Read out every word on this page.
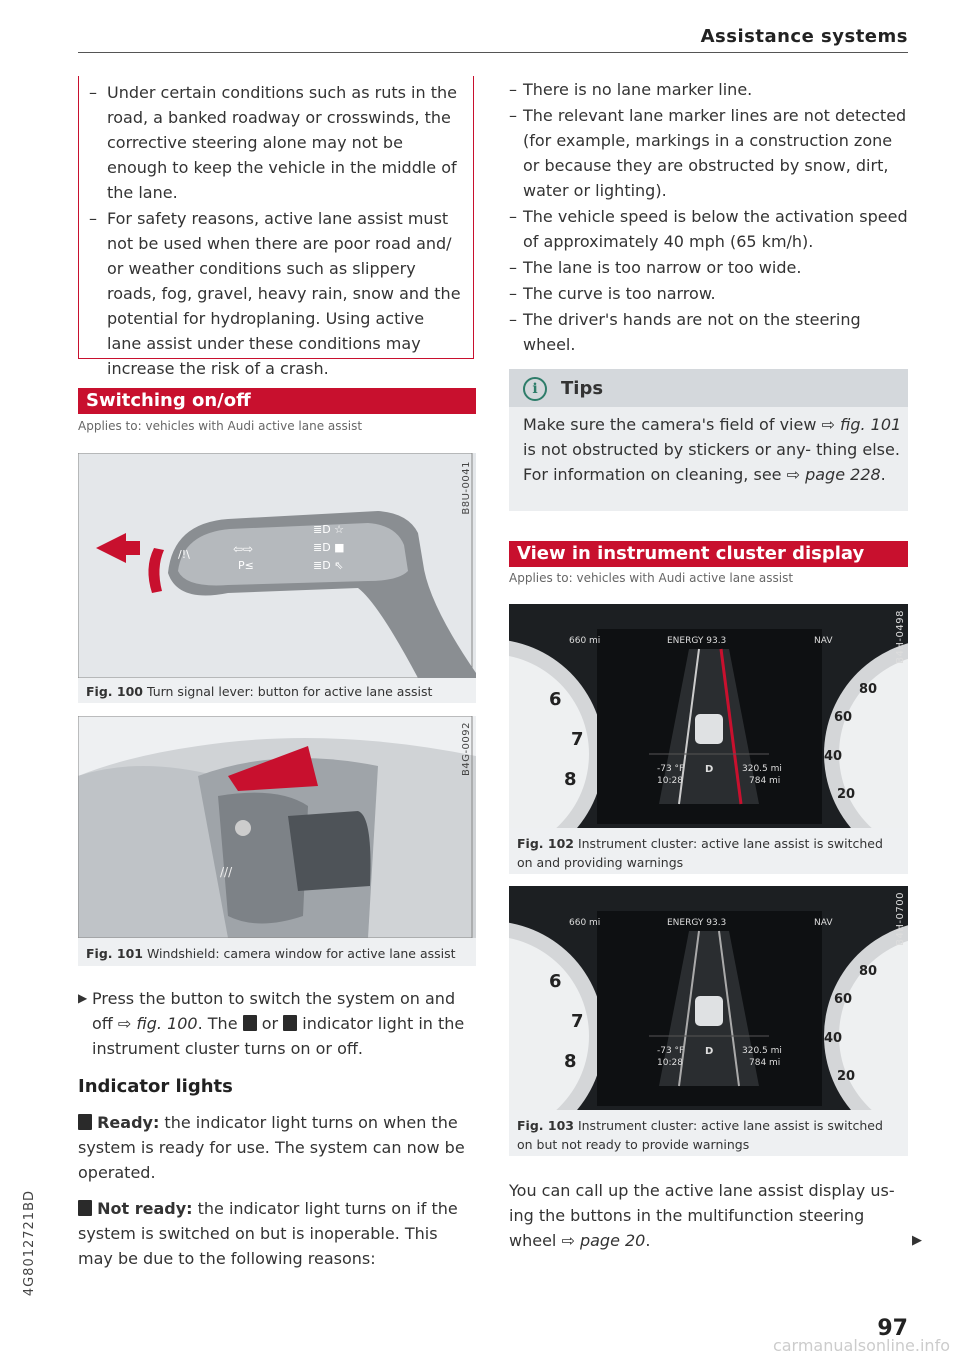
Assistance systems
– Under certain conditions such as ruts in the road, a banked roadway or crosswinds, the corrective steering alone may not be enough to keep the vehicle in the middle of the lane.
– For safety reasons, active lane assist must not be used when there are poor road and/ or weather conditions such as slippery roads, fog, gravel, heavy rain, snow and the potential for hydroplaning. Using active lane assist under these conditions may increase the risk of a crash.
Switching on/off
Applies to: vehicles with Audi active lane assist
/!\	⇦⇨
P≤
≣D ☆
≣D ■
≣D ⇖
B8U-0041
Fig. 100 Turn signal lever: button for active lane assist
///
B4G-0092
Fig. 101 Windshield: camera window for active lane assist
▶ Press the button to switch the system on and off ⇨ fig. 100. The  or  indicator light in the instrument cluster turns on or off.
Indicator lights
Ready: the indicator light turns on when the system is ready for use. The system can now be operated.
Not ready: the indicator light turns on if the system is switched on but is inoperable. This may be due to the following reasons:
– There is no lane marker line.
– The relevant lane marker lines are not detected (for example, markings in a construction zone or because they are obstructed by snow, dirt, water or lighting).
– The vehicle speed is below the activation speed of approximately 40 mph (65 km/h).
– The lane is too narrow or too wide.
– The curve is too narrow.
– The driver's hands are not on the steering wheel.
i	Tips
Make sure the camera's field of view ⇨ fig. 101 is not obstructed by stickers or any- thing else. For information on cleaning, see ⇨ page 228.
View in instrument cluster display
Applies to: vehicles with Audi active lane assist
660 mi	ENERGY 93.3	NAV
-73 °F
10:28
D	320.5 mi
784 mi
6
7
8
80
60
40
20
B4H-0498
Fig. 102 Instrument cluster: active lane assist is switched on and providing warnings
660 mi	ENERGY 93.3	NAV
-73 °F
10:28
D	320.5 mi
784 mi
6
7
8
80
60
40
20
B4H-0700
Fig. 103 Instrument cluster: active lane assist is switched on but not ready to provide warnings
You can call up the active lane assist display us- ing the buttons in the multifunction steering wheel ⇨ page 20.	▶
4G8012721BD
97
carmanualsonline.info
